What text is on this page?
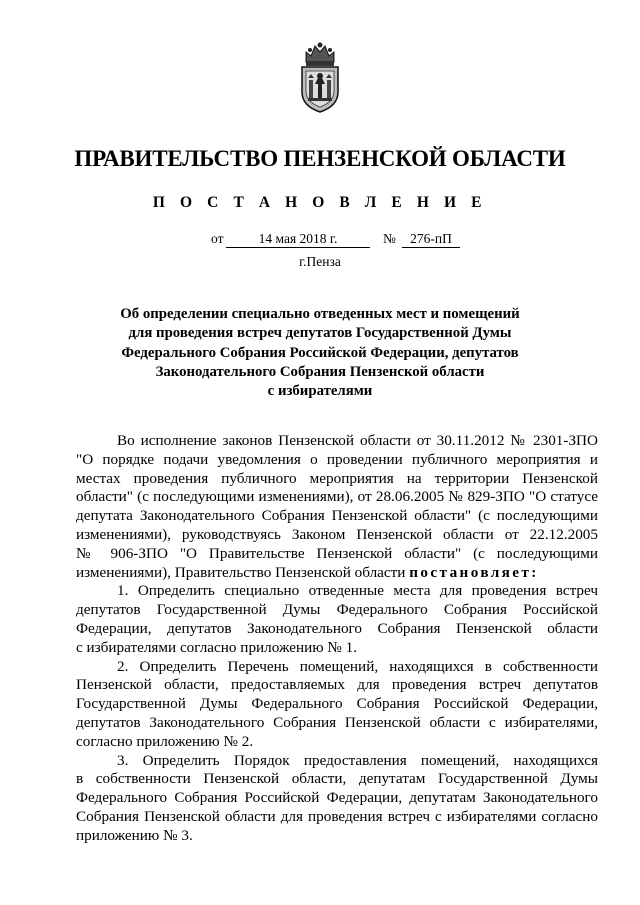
ПРАВИТЕЛЬСТВО ПЕНЗЕНСКОЙ ОБЛАСТИ
П О С Т А Н О В Л Е Н И Е
от	14 мая 2018 г.	№	276-пП
г.Пенза
Об определении специально отведенных мест и помещений
для проведения встреч депутатов Государственной Думы
Федерального Собрания Российской Федерации, депутатов
Законодательного Собрания Пензенской области
с избирателями
Во исполнение законов Пензенской области от 30.11.2012 № 2301-ЗПО
"О порядке подачи уведомления о проведении публичного мероприятия и
местах проведения публичного мероприятия на территории Пензенской
области" (с последующими изменениями), от 28.06.2005 № 829-ЗПО "О статусе
депутата Законодательного Собрания Пензенской области" (с последующими
изменениями), руководствуясь Законом Пензенской области от 22.12.2005
№ 906-ЗПО "О Правительстве Пензенской области" (с последующими
изменениями), Правительство Пензенской области постановляет:
1. Определить специально отведенные места для проведения встреч
депутатов Государственной Думы Федерального Собрания Российской
Федерации, депутатов Законодательного Собрания Пензенской области
с избирателями согласно приложению № 1.
2. Определить Перечень помещений, находящихся в собственности
Пензенской области, предоставляемых для проведения встреч депутатов
Государственной Думы Федерального Собрания Российской Федерации,
депутатов Законодательного Собрания Пензенской области с избирателями,
согласно приложению № 2.
3. Определить Порядок предоставления помещений, находящихся
в собственности Пензенской области, депутатам Государственной Думы
Федерального Собрания Российской Федерации, депутатам Законодательного
Собрания Пензенской области для проведения встреч с избирателями согласно
приложению № 3.
